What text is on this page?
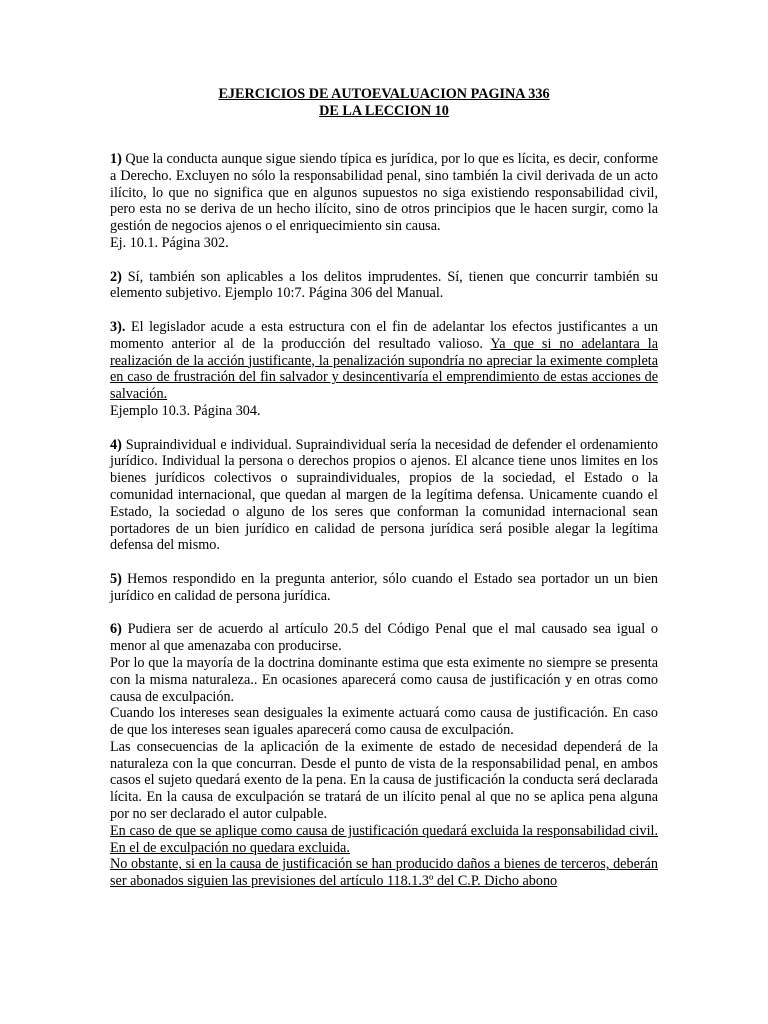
EJERCICIOS DE AUTOEVALUACION PAGINA 336
DE LA LECCION 10

1) Que la conducta aunque sigue siendo típica es jurídica, por lo que es lícita, es decir, conforme a Derecho. Excluyen no sólo la responsabilidad penal, sino también la civil derivada de un acto ilícito, lo que no significa que en algunos supuestos no siga existiendo responsabilidad civil, pero esta no se deriva de un hecho ilícito, sino de otros principios que le hacen surgir, como la gestión de negocios ajenos o el enriquecimiento sin causa.

Ej. 10.1. Página 302.

2) Sí, también son aplicables a los delitos imprudentes. Sí, tienen que concurrir también su elemento subjetivo. Ejemplo 10:7. Página 306 del Manual.

3). El legislador acude a esta estructura con el fin de adelantar los efectos justificantes a un momento anterior al de la producción del resultado valioso. Ya que si no adelantara la realización de la acción justificante, la penalización supondría no apreciar la eximente completa en caso de frustración del fin salvador y desincentivaría el emprendimiento de estas acciones de salvación.

Ejemplo 10.3. Página 304.

4) Supraindividual e individual. Supraindividual sería la necesidad de defender el ordenamiento jurídico. Individual la persona o derechos propios o ajenos. El alcance tiene unos limites en los bienes jurídicos colectivos o supraindividuales, propios de la sociedad, el Estado o la comunidad internacional, que quedan al margen de la legítima defensa. Unicamente cuando el Estado, la sociedad o alguno de los seres que conforman la comunidad internacional sean portadores de un bien jurídico en calidad de persona jurídica será posible alegar la legítima defensa del mismo.

5) Hemos respondido en la pregunta anterior, sólo cuando el Estado sea portador un un bien jurídico en calidad de persona jurídica.

6) Pudiera ser de acuerdo al artículo 20.5 del Código Penal que el mal causado sea igual o menor al que amenazaba con producirse.

Por lo que la mayoría de la doctrina dominante estima que esta eximente no siempre se presenta con la misma naturaleza.. En ocasiones aparecerá como causa de justificación y en otras como causa de exculpación.

Cuando los intereses sean desiguales la eximente actuará como causa de justificación. En caso de que los intereses sean iguales aparecerá como causa de exculpación.

Las consecuencias de la aplicación de la eximente de estado de necesidad dependerá de la naturaleza con la que concurran. Desde el punto de vista de la responsabilidad penal, en ambos casos el sujeto quedará exento de la pena. En la causa de justificación la conducta será declarada lícita. En la causa de exculpación se tratará de un ilícito penal al que no se aplica pena alguna por no ser declarado el autor culpable.

En caso de que se aplique como causa de justificación quedará excluida la responsabilidad civil. En el de exculpación no quedara excluida.

No obstante, si en la causa de justificación se han producido daños a bienes de terceros, deberán ser abonados siguien las previsiones del artículo 118.1.3º del C.P. Dicho abono
